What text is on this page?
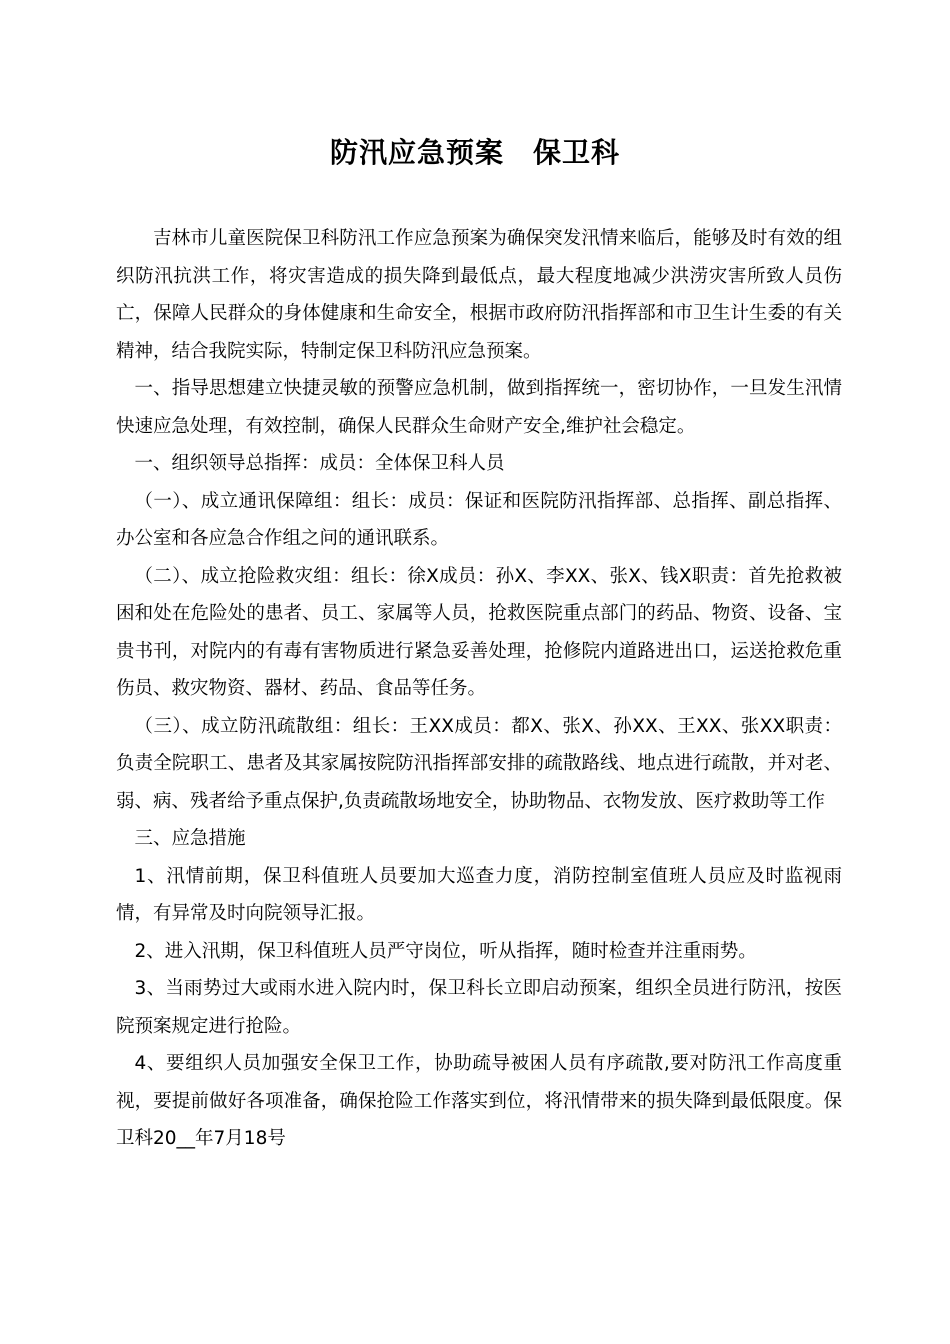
防汛应急预案　保卫科

吉林市儿童医院保卫科防汛工作应急预案为确保突发汛情来临后，能够及时有效的组织防汛抗洪工作，将灾害造成的损失降到最低点，最大程度地减少洪涝灾害所致人员伤亡，保障人民群众的身体健康和生命安全，根据市政府防汛指挥部和市卫生计生委的有关精神，结合我院实际，特制定保卫科防汛应急预案。

一、指导思想建立快捷灵敏的预警应急机制，做到指挥统一，密切协作，一旦发生汛情快速应急处理，有效控制，确保人民群众生命财产安全,维护社会稳定。

一、组织领导总指挥：成员：全体保卫科人员

（一）、成立通讯保障组：组长：成员：保证和医院防汛指挥部、总指挥、副总指挥、办公室和各应急合作组之问的通讯联系。

（二）、成立抢险救灾组：组长：徐X成员：孙X、李XX、张X、钱X职责：首先抢救被困和处在危险处的患者、员工、家属等人员，抢救医院重点部门的药品、物资、设备、宝贵书刊，对院内的有毒有害物质进行紧急妥善处理，抢修院内道路进出口，运送抢救危重伤员、救灾物资、器材、药品、食品等任务。

（三）、成立防汛疏散组：组长：王XX成员：都X、张X、孙XX、王XX、张XX职责：负责全院职工、患者及其家属按院防汛指挥部安排的疏散路线、地点进行疏散，并对老、弱、病、残者给予重点保护,负责疏散场地安全，协助物品、衣物发放、医疗救助等工作

三、应急措施

1、汛情前期，保卫科值班人员要加大巡查力度，消防控制室值班人员应及时监视雨情，有异常及时向院领导汇报。

2、进入汛期，保卫科值班人员严守岗位，听从指挥，随时检查并注重雨势。

3、当雨势过大或雨水进入院内时，保卫科长立即启动预案，组织全员进行防汛，按医院预案规定进行抢险。

4、要组织人员加强安全保卫工作，协助疏导被困人员有序疏散,要对防汛工作高度重视，要提前做好各项准备，确保抢险工作落实到位，将汛情带来的损失降到最低限度。保卫科20__年7月18号
